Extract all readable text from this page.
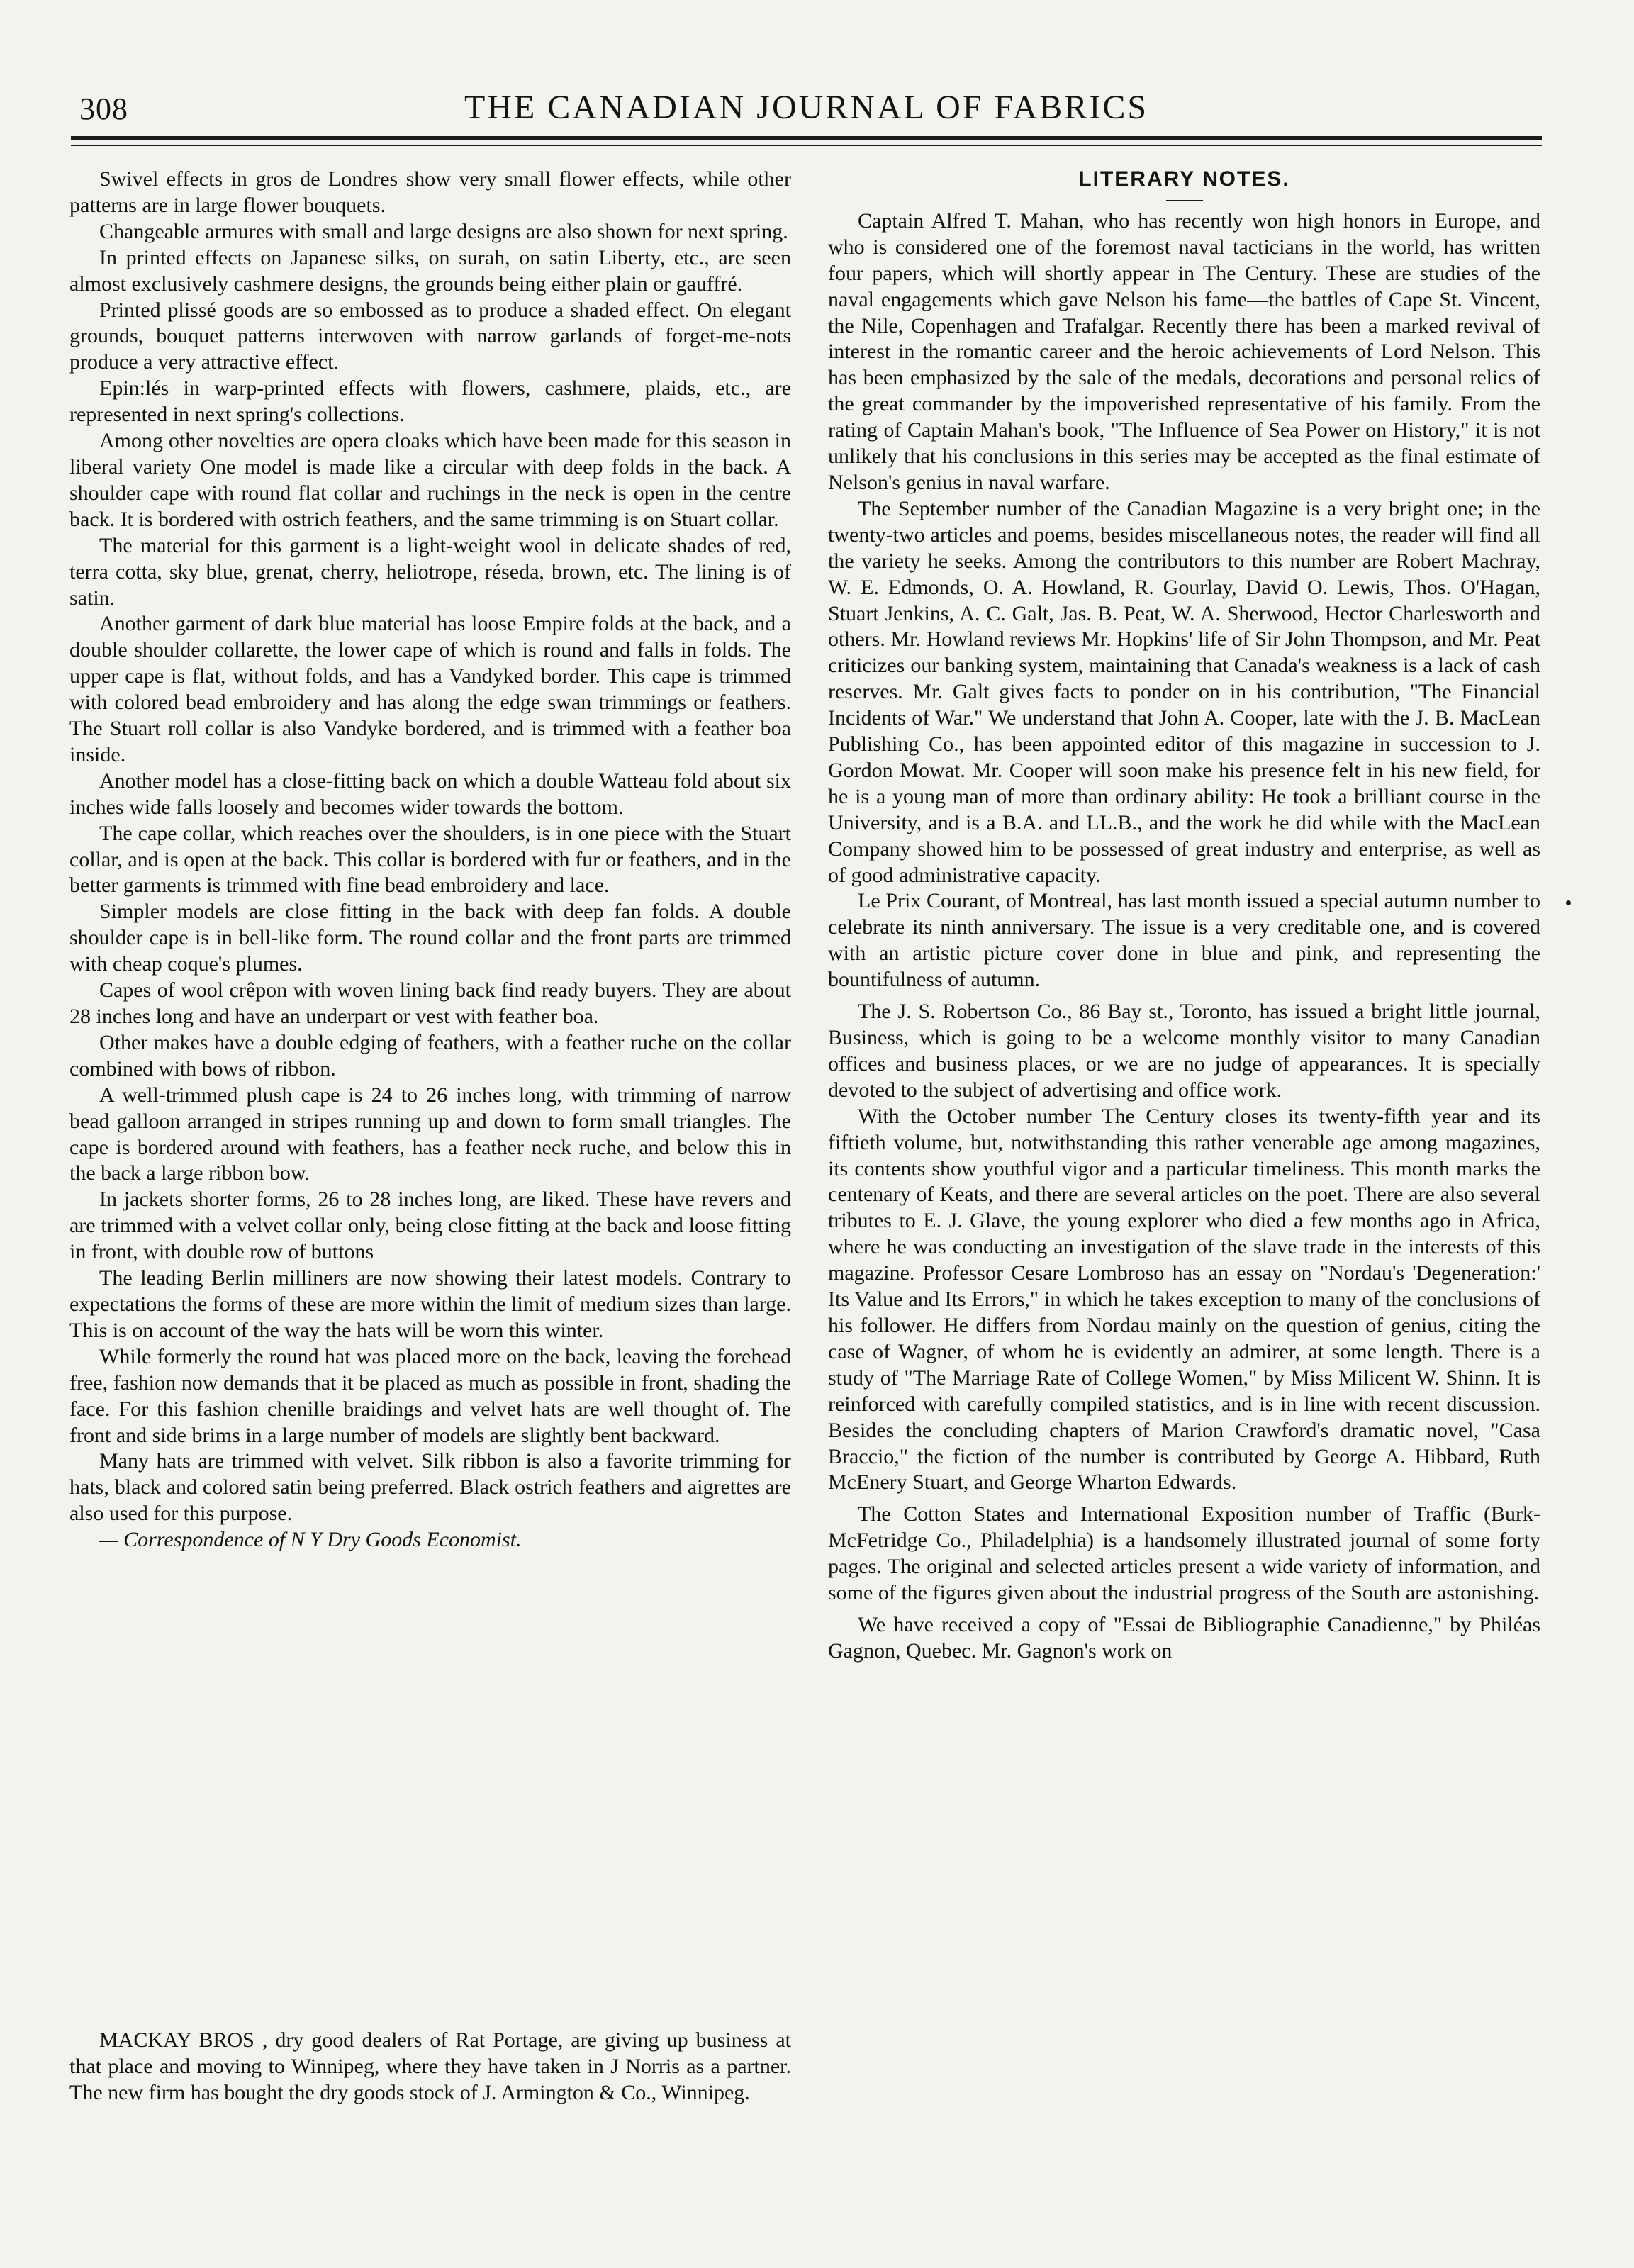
308	THE CANADIAN JOURNAL OF FABRICS

Swivel effects in gros de Londres show very small flower effects, while other patterns are in large flower bouquets.

Changeable armures with small and large designs are also shown for next spring.

In printed effects on Japanese silks, on surah, on satin Liberty, etc., are seen almost exclusively cashmere designs, the grounds being either plain or gauffré.

Printed plissé goods are so embossed as to produce a shaded effect. On elegant grounds, bouquet patterns interwoven with narrow garlands of forget-me-nots produce a very attractive effect.

Epin:lés in warp-printed effects with flowers, cashmere, plaids, etc., are represented in next spring's collections.

Among other novelties are opera cloaks which have been made for this season in liberal variety One model is made like a circular with deep folds in the back. A shoulder cape with round flat collar and ruchings in the neck is open in the centre back. It is bordered with ostrich feathers, and the same trimming is on Stuart collar.

The material for this garment is a light-weight wool in delicate shades of red, terra cotta, sky blue, grenat, cherry, heliotrope, réseda, brown, etc. The lining is of satin.

Another garment of dark blue material has loose Empire folds at the back, and a double shoulder collarette, the lower cape of which is round and falls in folds. The upper cape is flat, without folds, and has a Vandyked border. This cape is trimmed with colored bead embroidery and has along the edge swan trimmings or feathers. The Stuart roll collar is also Vandyke bordered, and is trimmed with a feather boa inside.

Another model has a close-fitting back on which a double Watteau fold about six inches wide falls loosely and becomes wider towards the bottom.

The cape collar, which reaches over the shoulders, is in one piece with the Stuart collar, and is open at the back. This collar is bordered with fur or feathers, and in the better garments is trimmed with fine bead embroidery and lace.

Simpler models are close fitting in the back with deep fan folds. A double shoulder cape is in bell-like form. The round collar and the front parts are trimmed with cheap coque's plumes.

Capes of wool crêpon with woven lining back find ready buyers. They are about 28 inches long and have an underpart or vest with feather boa.

Other makes have a double edging of feathers, with a feather ruche on the collar combined with bows of ribbon.

A well-trimmed plush cape is 24 to 26 inches long, with trimming of narrow bead galloon arranged in stripes running up and down to form small triangles. The cape is bordered around with feathers, has a feather neck ruche, and below this in the back a large ribbon bow.

In jackets shorter forms, 26 to 28 inches long, are liked. These have revers and are trimmed with a velvet collar only, being close fitting at the back and loose fitting in front, with double row of buttons

The leading Berlin milliners are now showing their latest models. Contrary to expectations the forms of these are more within the limit of medium sizes than large. This is on account of the way the hats will be worn this winter.

While formerly the round hat was placed more on the back, leaving the forehead free, fashion now demands that it be placed as much as possible in front, shading the face. For this fashion chenille braidings and velvet hats are well thought of. The front and side brims in a large number of models are slightly bent backward.

Many hats are trimmed with velvet. Silk ribbon is also a favorite trimming for hats, black and colored satin being preferred. Black ostrich feathers and aigrettes are also used for this purpose.

— Correspondence of N Y Dry Goods Economist.

MACKAY BROS , dry good dealers of Rat Portage, are giving up business at that place and moving to Winnipeg, where they have taken in J Norris as a partner. The new firm has bought the dry goods stock of J. Armington & Co., Winnipeg.

LITERARY NOTES.

Captain Alfred T. Mahan, who has recently won high honors in Europe, and who is considered one of the foremost naval tacticians in the world, has written four papers, which will shortly appear in The Century. These are studies of the naval engagements which gave Nelson his fame—the battles of Cape St. Vincent, the Nile, Copenhagen and Trafalgar. Recently there has been a marked revival of interest in the romantic career and the heroic achievements of Lord Nelson. This has been emphasized by the sale of the medals, decorations and personal relics of the great commander by the impoverished representative of his family. From the rating of Captain Mahan's book, "The Influence of Sea Power on History," it is not unlikely that his conclusions in this series may be accepted as the final estimate of Nelson's genius in naval warfare.

The September number of the Canadian Magazine is a very bright one; in the twenty-two articles and poems, besides miscellaneous notes, the reader will find all the variety he seeks. Among the contributors to this number are Robert Machray, W. E. Edmonds, O. A. Howland, R. Gourlay, David O. Lewis, Thos. O'Hagan, Stuart Jenkins, A. C. Galt, Jas. B. Peat, W. A. Sherwood, Hector Charlesworth and others. Mr. Howland reviews Mr. Hopkins' life of Sir John Thompson, and Mr. Peat criticizes our banking system, maintaining that Canada's weakness is a lack of cash reserves. Mr. Galt gives facts to ponder on in his contribution, "The Financial Incidents of War." We understand that John A. Cooper, late with the J. B. MacLean Publishing Co., has been appointed editor of this magazine in succession to J. Gordon Mowat. Mr. Cooper will soon make his presence felt in his new field, for he is a young man of more than ordinary ability: He took a brilliant course in the University, and is a B.A. and LL.B., and the work he did while with the MacLean Company showed him to be possessed of great industry and enterprise, as well as of good administrative capacity.

Le Prix Courant, of Montreal, has last month issued a special autumn number to celebrate its ninth anniversary. The issue is a very creditable one, and is covered with an artistic picture cover done in blue and pink, and representing the bountifulness of autumn.

The J. S. Robertson Co., 86 Bay st., Toronto, has issued a bright little journal, Business, which is going to be a welcome monthly visitor to many Canadian offices and business places, or we are no judge of appearances. It is specially devoted to the subject of advertising and office work.

With the October number The Century closes its twenty-fifth year and its fiftieth volume, but, notwithstanding this rather venerable age among magazines, its contents show youthful vigor and a particular timeliness. This month marks the centenary of Keats, and there are several articles on the poet. There are also several tributes to E. J. Glave, the young explorer who died a few months ago in Africa, where he was conducting an investigation of the slave trade in the interests of this magazine. Professor Cesare Lombroso has an essay on "Nordau's 'Degeneration:' Its Value and Its Errors," in which he takes exception to many of the conclusions of his follower. He differs from Nordau mainly on the question of genius, citing the case of Wagner, of whom he is evidently an admirer, at some length. There is a study of "The Marriage Rate of College Women," by Miss Milicent W. Shinn. It is reinforced with carefully compiled statistics, and is in line with recent discussion. Besides the concluding chapters of Marion Crawford's dramatic novel, "Casa Braccio," the fiction of the number is contributed by George A. Hibbard, Ruth McEnery Stuart, and George Wharton Edwards.

The Cotton States and International Exposition number of Traffic (Burk-McFetridge Co., Philadelphia) is a handsomely illustrated journal of some forty pages. The original and selected articles present a wide variety of information, and some of the figures given about the industrial progress of the South are astonishing.

We have received a copy of "Essai de Bibliographie Canadienne," by Philéas Gagnon, Quebec. Mr. Gagnon's work on
